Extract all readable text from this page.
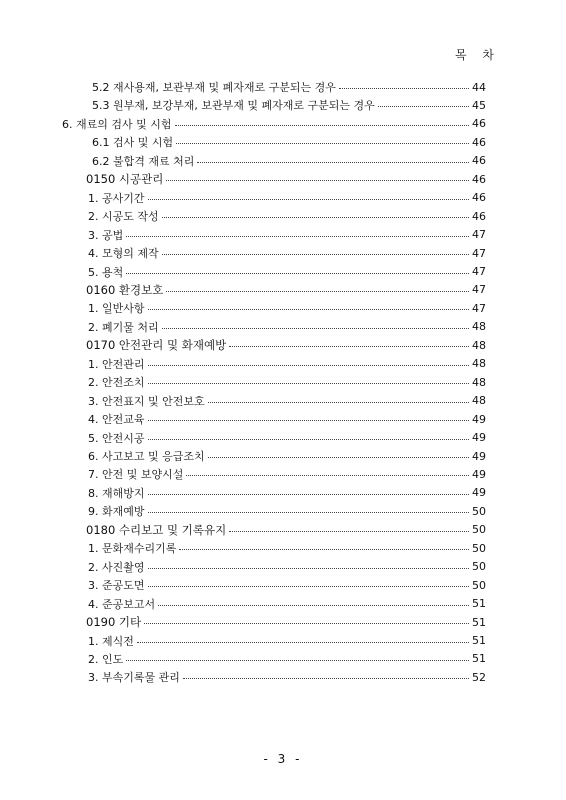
목 차
5.2 재사용재, 보관부재 및 폐자재로 구분되는 경우	44
5.3 원부재, 보강부재, 보관부재 및 폐자재로 구분되는 경우	45
6. 재료의 검사 및 시험	46
6.1 검사 및 시험	46
6.2 불합격 재료 처리	46
0150 시공관리	46
1. 공사기간	46
2. 시공도 작성	46
3. 공법	47
4. 모형의 제작	47
5. 용척	47
0160 환경보호	47
1. 일반사항	47
2. 폐기물 처리	48
0170 안전관리 및 화재예방	48
1. 안전관리	48
2. 안전조치	48
3. 안전표지 및 안전보호	48
4. 안전교육	49
5. 안전시공	49
6. 사고보고 및 응급조치	49
7. 안전 및 보양시설	49
8. 재해방지	49
9. 화재예방	50
0180 수리보고 및 기록유지	50
1. 문화재수리기록	50
2. 사진촬영	50
3. 준공도면	50
4. 준공보고서	51
0190 기타	51
1. 제식전	51
2. 인도	51
3. 부속기록물 관리	52
- 3 -
